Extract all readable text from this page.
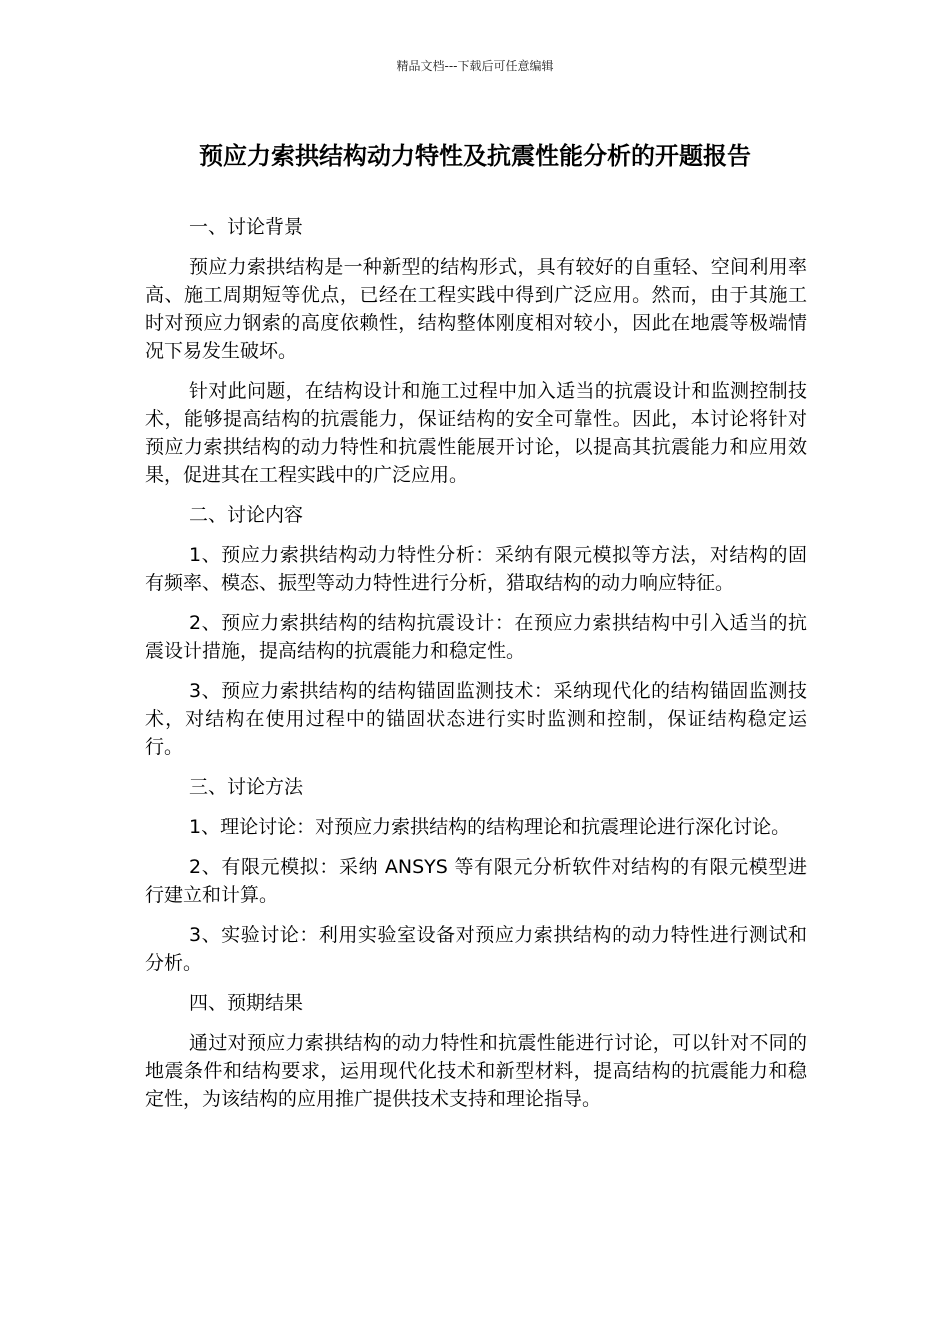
精品文档---下载后可任意编辑
预应力索拱结构动力特性及抗震性能分析的开题报告
一、讨论背景

预应力索拱结构是一种新型的结构形式，具有较好的自重轻、空间利用率高、施工周期短等优点，已经在工程实践中得到广泛应用。然而，由于其施工时对预应力钢索的高度依赖性，结构整体刚度相对较小，因此在地震等极端情况下易发生破坏。

针对此问题，在结构设计和施工过程中加入适当的抗震设计和监测控制技术，能够提高结构的抗震能力，保证结构的安全可靠性。因此，本讨论将针对预应力索拱结构的动力特性和抗震性能展开讨论，以提高其抗震能力和应用效果，促进其在工程实践中的广泛应用。

二、讨论内容

1、预应力索拱结构动力特性分析：采纳有限元模拟等方法，对结构的固有频率、模态、振型等动力特性进行分析，猎取结构的动力响应特征。

2、预应力索拱结构的结构抗震设计：在预应力索拱结构中引入适当的抗震设计措施，提高结构的抗震能力和稳定性。

3、预应力索拱结构的结构锚固监测技术：采纳现代化的结构锚固监测技术，对结构在使用过程中的锚固状态进行实时监测和控制，保证结构稳定运行。

三、讨论方法

1、理论讨论：对预应力索拱结构的结构理论和抗震理论进行深化讨论。

2、有限元模拟：采纳 ANSYS 等有限元分析软件对结构的有限元模型进行建立和计算。

3、实验讨论：利用实验室设备对预应力索拱结构的动力特性进行测试和分析。

四、预期结果

通过对预应力索拱结构的动力特性和抗震性能进行讨论，可以针对不同的地震条件和结构要求，运用现代化技术和新型材料，提高结构的抗震能力和稳定性，为该结构的应用推广提供技术支持和理论指导。
